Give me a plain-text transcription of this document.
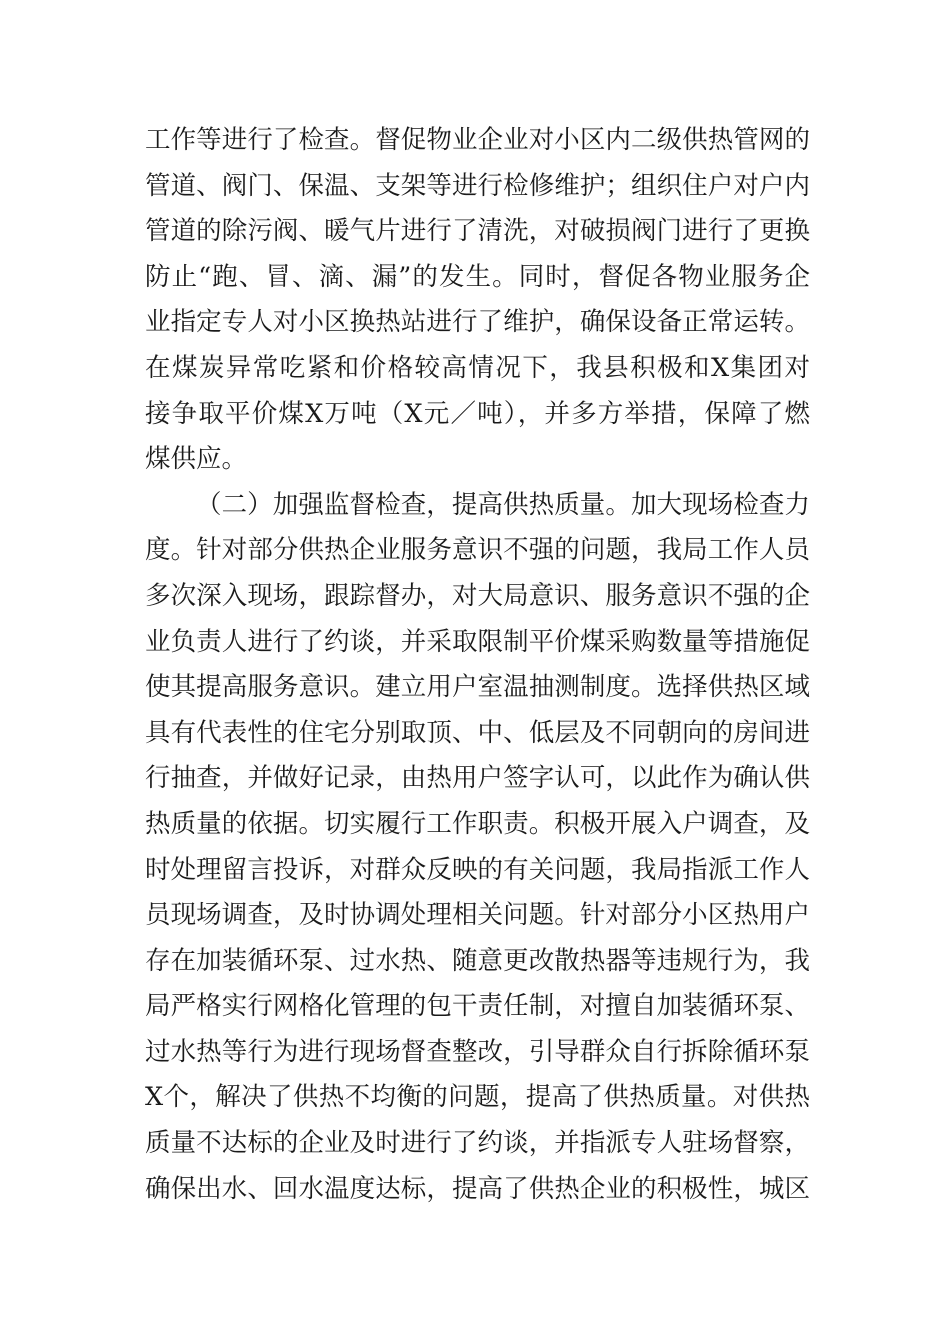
工作等进行了检查。督促物业企业对小区内二级供热管网的
管道、阀门、保温、支架等进行检修维护；组织住户对户内
管道的除污阀、暖气片进行了清洗，对破损阀门进行了更换
防止“跑、冒、滴、漏”的发生。同时，督促各物业服务企
业指定专人对小区换热站进行了维护，确保设备正常运转。
在煤炭异常吃紧和价格较高情况下，我县积极和X集团对
接争取平价煤X万吨（X元／吨），并多方举措，保障了燃
煤供应。
（二）加强监督检查，提高供热质量。加大现场检查力
度。针对部分供热企业服务意识不强的问题，我局工作人员
多次深入现场，跟踪督办，对大局意识、服务意识不强的企
业负责人进行了约谈，并采取限制平价煤采购数量等措施促
使其提高服务意识。建立用户室温抽测制度。选择供热区域
具有代表性的住宅分别取顶、中、低层及不同朝向的房间进
行抽查，并做好记录，由热用户签字认可，以此作为确认供
热质量的依据。切实履行工作职责。积极开展入户调查，及
时处理留言投诉，对群众反映的有关问题，我局指派工作人
员现场调查，及时协调处理相关问题。针对部分小区热用户
存在加装循环泵、过水热、随意更改散热器等违规行为，我
局严格实行网格化管理的包干责任制，对擅自加装循环泵、
过水热等行为进行现场督查整改，引导群众自行拆除循环泵
X个，解决了供热不均衡的问题，提高了供热质量。对供热
质量不达标的企业及时进行了约谈，并指派专人驻场督察，
确保出水、回水温度达标，提高了供热企业的积极性，城区
